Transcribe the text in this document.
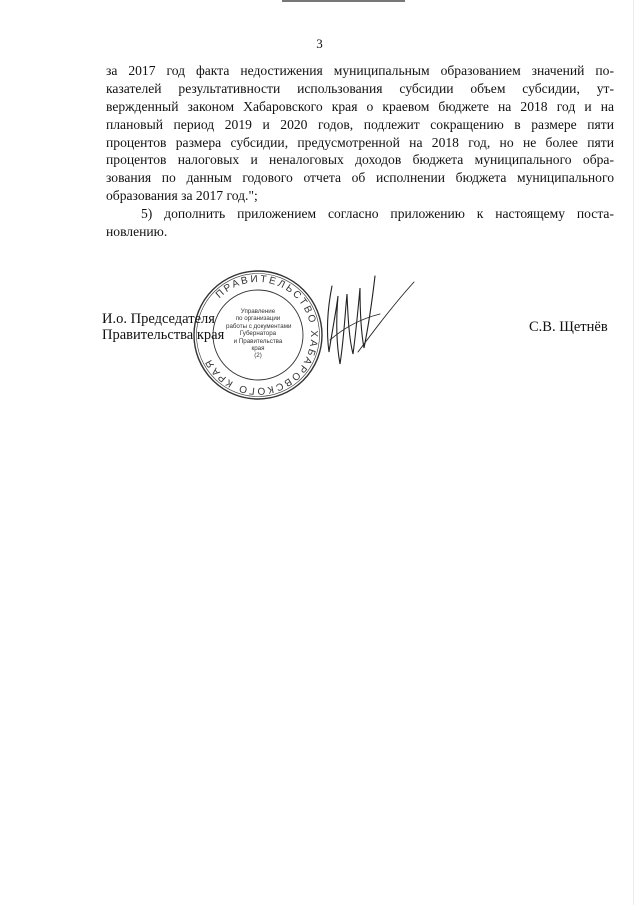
3
за 2017 год факта недостижения муниципальным образованием значений по-
казателей результативности использования субсидии объем субсидии, ут-
вержденный законом Хабаровского края о краевом бюджете на 2018 год и на
плановый период 2019 и 2020 годов, подлежит сокращению в размере пяти
процентов размера субсидии, предусмотренной на 2018 год, но не более пяти
процентов налоговых и неналоговых доходов бюджета муниципального обра-
зования по данным годового отчета об исполнении бюджета муниципального
образования за 2017 год.";
5) дополнить приложением согласно приложению к настоящему поста-
новлению.
ПРАВИТЕЛЬСТВО ХАБАРОВСКОГО КРАЯ
Управление
по организации
работы с документами
Губернатора
и Правительства
края
(2)
И.о. Председателя
Правительства края	С.В. Щетнёв
